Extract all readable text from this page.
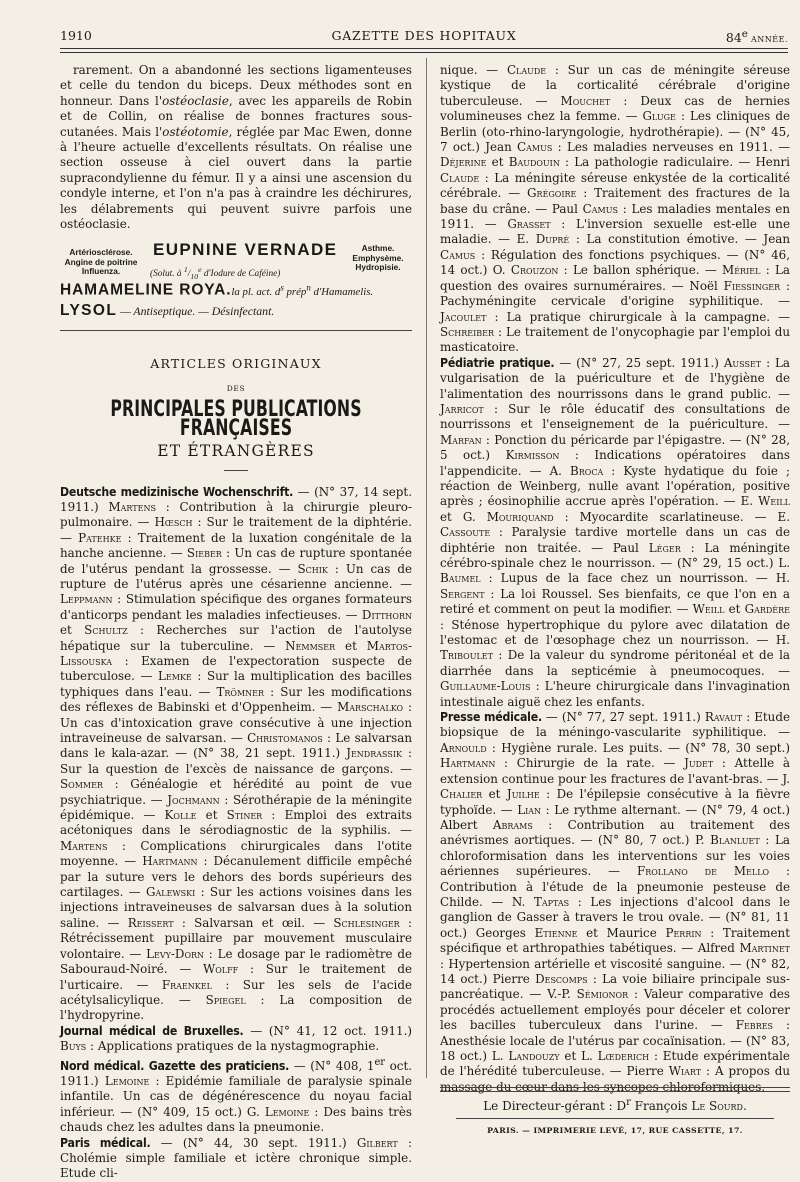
1910	GAZETTE DES HOPITAUX	84e ANNÉE.

rarement. On a abandonné les sections ligamenteuses et celle du tendon du biceps. Deux méthodes sont en honneur. Dans l'ostéoclasie, avec les appareils de Robin et de Collin, on réalise de bonnes fractures sous-cutanées. Mais l'ostéotomie, réglée par Mac Ewen, donne à l'heure actuelle d'excellents résultats. On réalise une section osseuse à ciel ouvert dans la partie supracondylienne du fémur. Il y a ainsi une ascension du condyle interne, et l'on n'a pas à craindre les déchirures, les délabrements qui peuvent suivre parfois une ostéoclasie.

Artériosclérose.
Angine de poitrine
Influenza.
EUPNINE VERNADE
(Solut. à $^1/_{10}^e$ d'Iodure de Caféine)
Asthme.
Emphysème.
Hydropisie.
HAMAMELINE ROYA.la pl. act. $d^s$ prép$^n$ d'Hamamelis.
LYSOL — Antiseptique. — Désinfectant.
ARTICLES ORIGINAUX
DES
PRINCIPALES PUBLICATIONS FRANÇAISES
ET ÉTRANGÈRES

Deutsche medizinische Wochenschrift. — (N° 37, 14 sept. 1911.) Martens : Contribution à la chirurgie pleuro-pulmonaire. — Hœsch : Sur le traitement de la diphtérie. — Patehke : Traitement de la luxation congénitale de la hanche ancienne. — Sieber : Un cas de rupture spontanée de l'utérus pendant la grossesse. — Schik : Un cas de rupture de l'utérus après une césarienne ancienne. — Leppmann : Stimulation spécifique des organes formateurs d'anticorps pendant les maladies infectieuses. — Ditthorn et Schultz : Recherches sur l'action de l'autolyse hépatique sur la tuberculine. — Nemmser et Martos-Lissouska : Examen de l'expectoration suspecte de tuberculose. — Lemke : Sur la multiplication des bacilles typhiques dans l'eau. — Trömner : Sur les modifications des réflexes de Babinski et d'Oppenheim. — Marschalko : Un cas d'intoxication grave consécutive à une injection intraveineuse de salvarsan. — Christomanos : Le salvarsan dans le kala-azar. — (N° 38, 21 sept. 1911.) Jendrassik : Sur la question de l'excès de naissance de garçons. — Sommer : Généalogie et hérédité au point de vue psychiatrique. — Jochmann : Sérothérapie de la méningite épidémique. — Kolle et Stiner : Emploi des extraits acétoniques dans le sérodiagnostic de la syphilis. — Martens : Complications chirurgicales dans l'otite moyenne. — Hartmann : Décanulement difficile empêché par la suture vers le dehors des bords supérieurs des cartilages. — Galewski : Sur les actions voisines dans les injections intraveineuses de salvarsan dues à la solution saline. — Reissert : Salvarsan et œil. — Schlesinger : Rétrécissement pupillaire par mouvement musculaire volontaire. — Levy-Dorn : Le dosage par le radiomètre de Sabouraud-Noiré. — Wolff : Sur le traitement de l'urticaire. — Fraenkel : Sur les sels de l'acide acétylsalicylique. — Spiegel : La composition de l'hydropyrine.

Journal médical de Bruxelles. — (N° 41, 12 oct. 1911.) Buys : Applications pratiques de la nystagmographie.

Nord médical. Gazette des praticiens. — (N° 408, 1er oct. 1911.) Lemoine : Epidémie familiale de paralysie spinale infantile. Un cas de dégénérescence du noyau facial inférieur. — (N° 409, 15 oct.) G. Lemoine : Des bains très chauds chez les adultes dans la pneumonie.

Paris médical. — (N° 44, 30 sept. 1911.) Gilbert : Cholémie simple familiale et ictère chronique simple. Etude cli-

nique. — Claude : Sur un cas de méningite séreuse kystique de la corticalité cérébrale d'origine tuberculeuse. — Mouchet : Deux cas de hernies volumineuses chez la femme. — Gluge : Les cliniques de Berlin (oto-rhino-laryngologie, hydrothérapie). — (N° 45, 7 oct.) Jean Camus : Les maladies nerveuses en 1911. — Déjerine et Baudouin : La pathologie radiculaire. — Henri Claude : La méningite séreuse enkystée de la corticalité cérébrale. — Grégoire : Traitement des fractures de la base du crâne. — Paul Camus : Les maladies mentales en 1911. — Grasset : L'inversion sexuelle est-elle une maladie. — E. Dupré : La constitution émotive. — Jean Camus : Régulation des fonctions psychiques. — (N° 46, 14 oct.) O. Crouzon : Le ballon sphérique. — Mériel : La question des ovaires surnuméraires. — Noël Fiessinger : Pachyméningite cervicale d'origine syphilitique. — Jacoulet : La pratique chirurgicale à la campagne. — Schreiber : Le traitement de l'onycophagie par l'emploi du masticatoire.

Pédiatrie pratique. — (N° 27, 25 sept. 1911.) Ausset : La vulgarisation de la puériculture et de l'hygiène de l'alimentation des nourrissons dans le grand public. — Jarricot : Sur le rôle éducatif des consultations de nourrissons et l'enseignement de la puériculture. — Marfan : Ponction du péricarde par l'épigastre. — (N° 28, 5 oct.) Kirmisson : Indications opératoires dans l'appendicite. — A. Broca : Kyste hydatique du foie ; réaction de Weinberg, nulle avant l'opération, positive après ; éosinophilie accrue après l'opération. — E. Weill et G. Mouriquand : Myocardite scarlatineuse. — E. Cassoute : Paralysie tardive mortelle dans un cas de diphtérie non traitée. — Paul Léger : La méningite cérébro-spinale chez le nourrisson. — (N° 29, 15 oct.) L. Baumel : Lupus de la face chez un nourrisson. — H. Sergent : La loi Roussel. Ses bienfaits, ce que l'on en a retiré et comment on peut la modifier. — Weill et Gardère : Sténose hypertrophique du pylore avec dilatation de l'estomac et de l'œsophage chez un nourrisson. — H. Triboulet : De la valeur du syndrome péritonéal et de la diarrhée dans la septicémie à pneumocoques. — Guillaume-Louis : L'heure chirurgicale dans l'invagination intestinale aiguë chez les enfants.

Presse médicale. — (N° 77, 27 sept. 1911.) Ravaut : Etude biopsique de la méningo-vascularite syphilitique. — Arnould : Hygiène rurale. Les puits. — (N° 78, 30 sept.) Hartmann : Chirurgie de la rate. — Judet : Attelle à extension continue pour les fractures de l'avant-bras. — J. Chalier et Juilhe : De l'épilepsie consécutive à la fièvre typhoïde. — Lian : Le rythme alternant. — (N° 79, 4 oct.) Albert Abrams : Contribution au traitement des anévrismes aortiques. — (N° 80, 7 oct.) P. Blanluet : La chloroformisation dans les interventions sur les voies aériennes supérieures. — Frollano de Mello : Contribution à l'étude de la pneumonie pesteuse de Childe. — N. Taptas : Les injections d'alcool dans le ganglion de Gasser à travers le trou ovale. — (N° 81, 11 oct.) Georges Etienne et Maurice Perrin : Traitement spécifique et arthropathies tabétiques. — Alfred Martinet : Hypertension artérielle et viscosité sanguine. — (N° 82, 14 oct.) Pierre Descomps : La voie biliaire principale sus-pancréatique. — V.-P. Sémionor : Valeur comparative des procédés actuellement employés pour déceler et colorer les bacilles tuberculeux dans l'urine. — Febres : Anesthésie locale de l'utérus par cocaïnisation. — (N° 83, 18 oct.) L. Landouzy et L. Lœderich : Etude expérimentale de l'hérédité tuberculeuse. — Pierre Wiart : A propos du massage du cœur dans les syncopes chloroformiques.

Le Directeur-gérant : $D^r$ François Le Sourd.
PARIS. — IMPRIMERIE LEVÉ, 17, RUE CASSETTE, 17.
